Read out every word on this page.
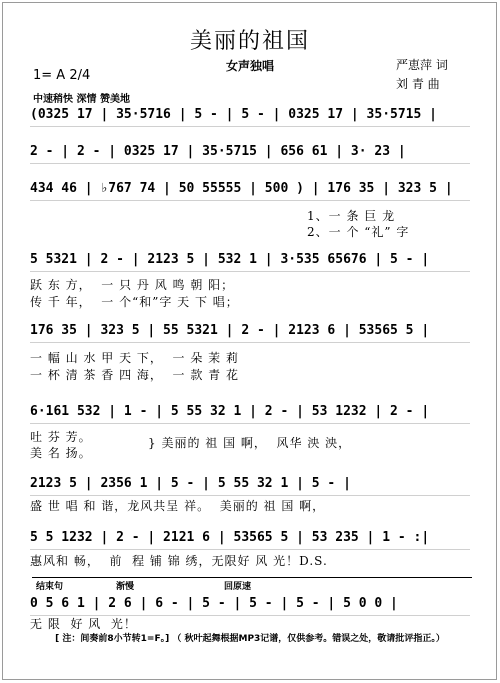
美丽的祖国
女声独唱	严恵萍 词
刘 青 曲
1= A 2/4
中速稍快 深情 赞美地
(0325 17 | 35·5716 | 5 - | 5 - | 0325 17 | 35·5715 |
2 - | 2 - | 0325 17 | 35·5715 | 656 61 | 3· 23 |
434 46 | ♭767 74 | 50 55555 | 500 ) | 176 35 | 323 5 |
1、一 条 巨 龙
2、一 个 “礼” 字
5 5321 | 2 - | 2123 5 | 532 1 | 3·535 65676 | 5 - |
跃 东 方，  一 只 丹 风 鸣 朝 阳；
传 千 年，  一 个“和”字 天 下 唱；
176 35 | 323 5 | 55 5321 | 2 - | 2123 6 | 53565 5 |
一 幅 山 水 甲 天 下，  一 朵 茉 莉
一 杯 清 茶 香 四 海，  一 款 青 花
6·161 532 | 1 - | 5 55 32 1 | 2 - | 53 1232 | 2 - |
吐 芬 芳。
美 名 扬。
} 美丽的 祖 国 啊，  风华 泱 泱，
2123 5 | 2356 1 | 5 - | 5 55 32 1 | 5 - |
盛 世 唱 和 谐，龙风共呈 祥。  美丽的 祖 国 啊，
5 5 1232 | 2 - | 2121 6 | 53565 5 | 53 235 | 1 - :|
惠风和 畅，  前  程 铺 锦 绣，无限好 风 光！D.S.
结束句	渐慢	回原速
0 5 6 1 | 2 6 | 6 - | 5 - | 5 - | 5 - | 5 0 0 |
无 限  好 风  光！
[ 注：间奏前8小节转1=F。] （ 秋叶起舞根据MP3记谱，仅供参考。错误之处，敬请批评指正。）
